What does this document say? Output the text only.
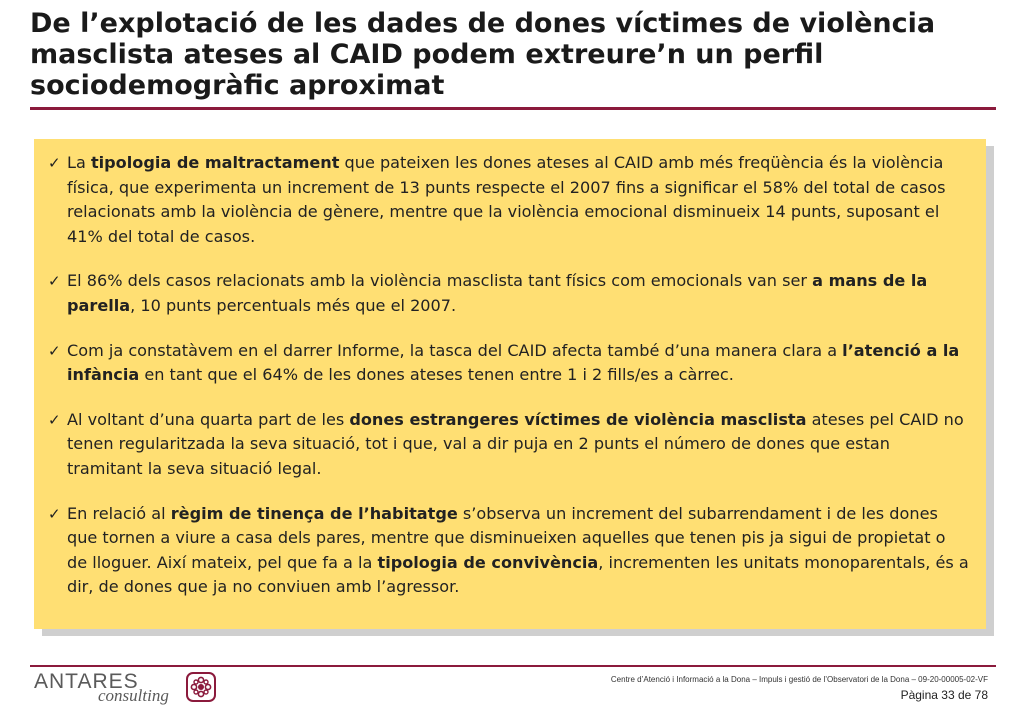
De l’explotació de les dades de dones víctimes de violència masclista ateses al CAID podem extreure’n un perfil sociodemogràfic aproximat
✓ La tipologia de maltractament que pateixen les dones ateses al CAID amb més freqüència és la violència física, que experimenta un increment de 13 punts respecte el 2007 fins a significar el 58% del total de casos relacionats amb la violència de gènere, mentre que la violència emocional disminueix 14 punts, suposant el 41% del total de casos.
✓ El 86% dels casos relacionats amb la violència masclista tant físics com emocionals van ser a mans de la parella, 10 punts percentuals més que el 2007.
✓ Com ja constatàvem en el darrer Informe, la tasca del CAID afecta també d’una manera clara a l’atenció a la infància en tant que el 64% de les dones ateses tenen entre 1 i 2 fills/es a càrrec.
✓ Al voltant d’una quarta part de les dones estrangeres víctimes de violència masclista ateses pel CAID no tenen regularitzada la seva situació, tot i que, val a dir puja en 2 punts el número de dones que estan tramitant la seva situació legal.
✓ En relació al règim de tinença de l’habitatge s’observa un increment del subarrendament i de les dones que tornen a viure a casa dels pares, mentre que disminueixen aquelles que tenen pis ja sigui de propietat o de lloguer. Així mateix, pel que fa a la tipologia de convivència, incrementen les unitats monoparentals, és a dir, de dones que ja no conviuen amb l’agressor.
ANTARES
consulting
Centre d’Atenció i Informació a la Dona – Impuls i gestió de l’Observatori de la Dona – 09-20-00005-02-VF
Pàgina 33 de 78
